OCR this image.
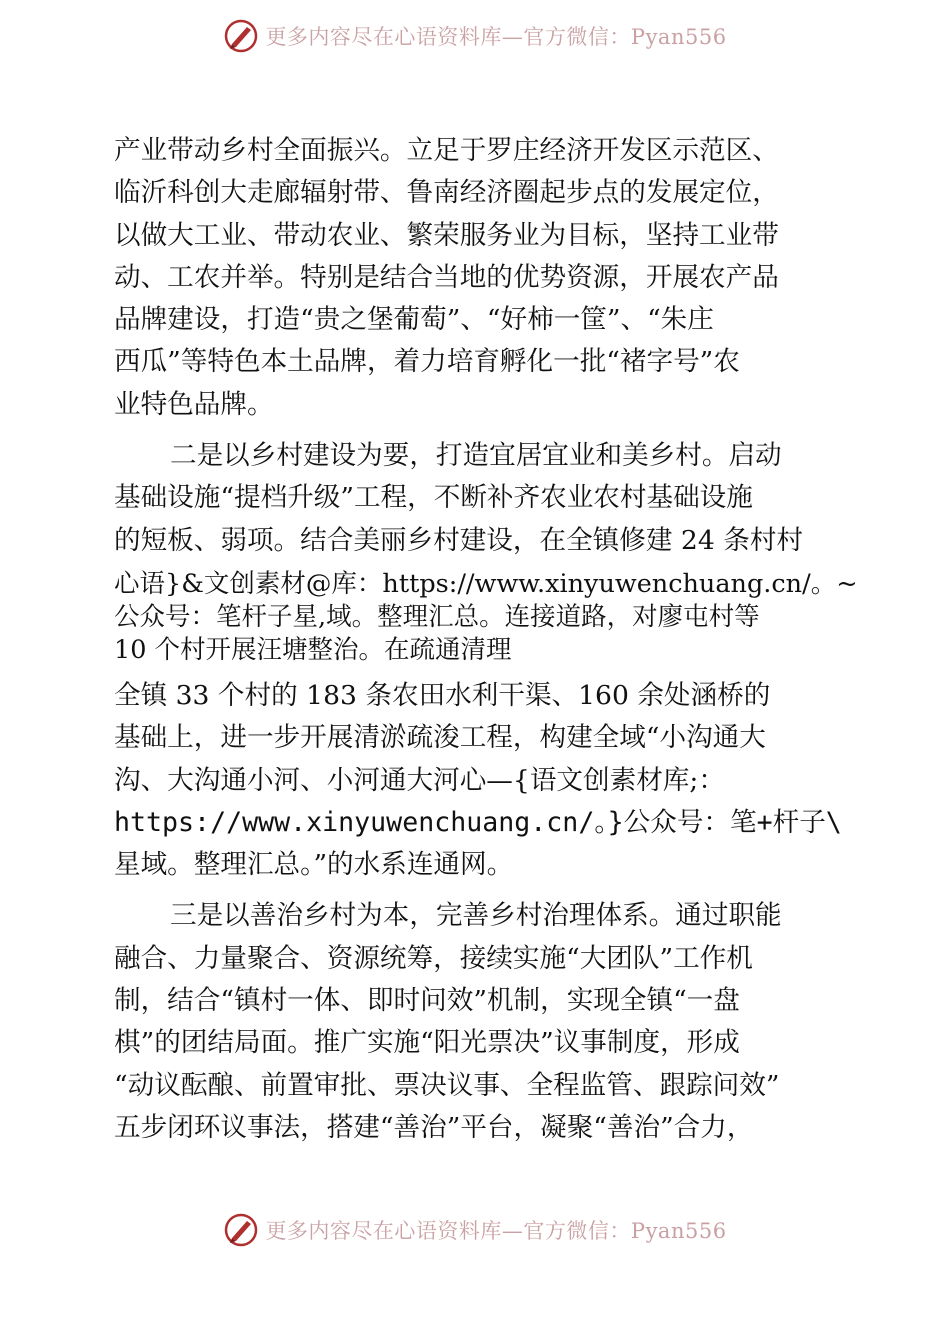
更多内容尽在心语资料库—官方微信：Pyan556
产业带动乡村全面振兴。立足于罗庄经济开发区示范区、
临沂科创大走廊辐射带、鲁南经济圈起步点的发展定位，
以做大工业、带动农业、繁荣服务业为目标，坚持工业带
动、工农并举。特别是结合当地的优势资源，开展农产品
品牌建设，打造“贵之堡葡萄”、“好柿一筐”、“朱庄
西瓜”等特色本土品牌，着力培育孵化一批“褚字号”农
业特色品牌。
二是以乡村建设为要，打造宜居宜业和美乡村。启动
基础设施“提档升级”工程，不断补齐农业农村基础设施
的短板、弱项。结合美丽乡村建设，在全镇修建 24 条村村
心语}&文创素材@库：https://www.xinyuwenchuang.cn/。~
公众号：笔杆子星,域。整理汇总。连接道路，对廖屯村等
10 个村开展汪塘整治。在疏通清理
全镇 33 个村的 183 条农田水利干渠、160 余处涵桥的
基础上，进一步开展清淤疏浚工程，构建全域“小沟通大
沟、大沟通小河、小河通大河心—{语文创素材库;：
https://www.xinyuwenchuang.cn/。}公众号：笔+杆子\
星域。整理汇总。”的水系连通网。
三是以善治乡村为本，完善乡村治理体系。通过职能
融合、力量聚合、资源统筹，接续实施“大团队”工作机
制，结合“镇村一体、即时问效”机制，实现全镇“一盘
棋”的团结局面。推广实施“阳光票决”议事制度，形成
“动议酝酿、前置审批、票决议事、全程监管、跟踪问效”
五步闭环议事法，搭建“善治”平台，凝聚“善治”合力，
更多内容尽在心语资料库—官方微信：Pyan556
